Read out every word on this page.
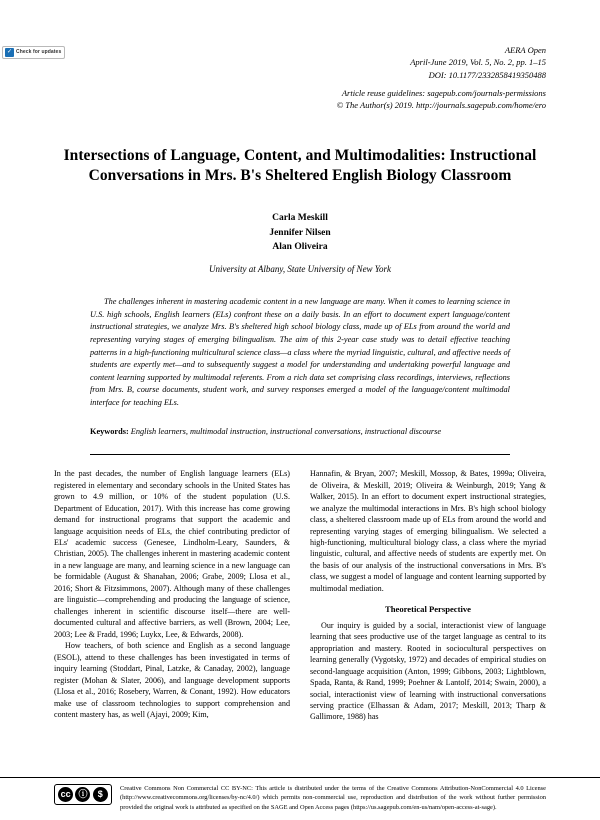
✓ Check for updates	AERA Open
April-June 2019, Vol. 5, No. 2, pp. 1–15
DOI: 10.1177/2332858419350488
Article reuse guidelines: sagepub.com/journals-permissions
© The Author(s) 2019. http://journals.sagepub.com/home/ero
Intersections of Language, Content, and Multimodalities: Instructional Conversations in Mrs. B's Sheltered English Biology Classroom
Carla Meskill
Jennifer Nilsen
Alan Oliveira
University at Albany, State University of New York
The challenges inherent in mastering academic content in a new language are many. When it comes to learning science in U.S. high schools, English learners (ELs) confront these on a daily basis. In an effort to document expert language/content instructional strategies, we analyze Mrs. B's sheltered high school biology class, made up of ELs from around the world and representing varying stages of emerging bilingualism. The aim of this 2-year case study was to detail effective teaching patterns in a high-functioning multicultural science class—a class where the myriad linguistic, cultural, and affective needs of students are expertly met—and to subsequently suggest a model for understanding and undertaking powerful language and content learning supported by multimodal referents. From a rich data set comprising class recordings, interviews, reflections from Mrs. B, course documents, student work, and survey responses emerged a model of the language/content multimodal interface for teaching ELs.
Keywords: English learners, multimodal instruction, instructional conversations, instructional discourse

In the past decades, the number of English language learners (ELs) registered in elementary and secondary schools in the United States has grown to 4.9 million, or 10% of the student population (U.S. Department of Education, 2017). With this increase has come growing demand for instructional programs that support the academic and language acquisition needs of ELs, the chief contributing predictor of ELs' academic success (Genesee, Lindholm-Leary, Saunders, & Christian, 2005). The challenges inherent in mastering academic content in a new language are many, and learning science in a new language can be formidable (August & Shanahan, 2006; Grabe, 2009; Llosa et al., 2016; Short & Fitzsimmons, 2007). Although many of these challenges are linguistic—comprehending and producing the language of science, challenges inherent in scientific discourse itself—there are well-documented cultural and affective barriers, as well (Brown, 2004; Lee, 2003; Lee & Fradd, 1996; Luykx, Lee, & Edwards, 2008).

How teachers, of both science and English as a second language (ESOL), attend to these challenges has been investigated in terms of inquiry learning (Stoddart, Pinal, Latzke, & Canaday, 2002), language register (Mohan & Slater, 2006), and language development supports (Llosa et al., 2016; Rosebery, Warren, & Conant, 1992). How educators make use of classroom technologies to support comprehension and content mastery has, as well (Ajayi, 2009; Kim,

Hannafin, & Bryan, 2007; Meskill, Mossop, & Bates, 1999a; Oliveira, de Oliveira, & Meskill, 2019; Oliveira & Weinburgh, 2019; Yang & Walker, 2015). In an effort to document expert instructional strategies, we analyze the multimodal interactions in Mrs. B's high school biology class, a sheltered classroom made up of ELs from around the world and representing varying stages of emerging bilingualism. We selected a high-functioning, multicultural biology class, a class where the myriad linguistic, cultural, and affective needs of students are expertly met. On the basis of our analysis of the instructional conversations in Mrs. B's class, we suggest a model of language and content learning supported by multimodal mediation.

Theoretical Perspective

Our inquiry is guided by a social, interactionist view of language learning that sees productive use of the target language as central to its appropriation and mastery. Rooted in sociocultural perspectives on learning generally (Vygotsky, 1972) and decades of empirical studies on second-language acquisition (Anton, 1999; Gibbons, 2003; Lightblown, Spada, Ranta, & Rand, 1999; Poehner & Lantolf, 2014; Swain, 2000), a social, interactionist view of learning with instructional conversations serving practice (Elhassan & Adam, 2017; Meskill, 2013; Tharp & Gallimore, 1988) has

cc ⓘ	$
Creative Commons Non Commercial CC BY-NC: This article is distributed under the terms of the Creative Commons Attribution-NonCommercial 4.0 License (http://www.creativecommons.org/licenses/by-nc/4.0/) which permits non-commercial use, reproduction and distribution of the work without further permission provided the original work is attributed as specified on the SAGE and Open Access pages (https://us.sagepub.com/en-us/nam/open-access-at-sage).
